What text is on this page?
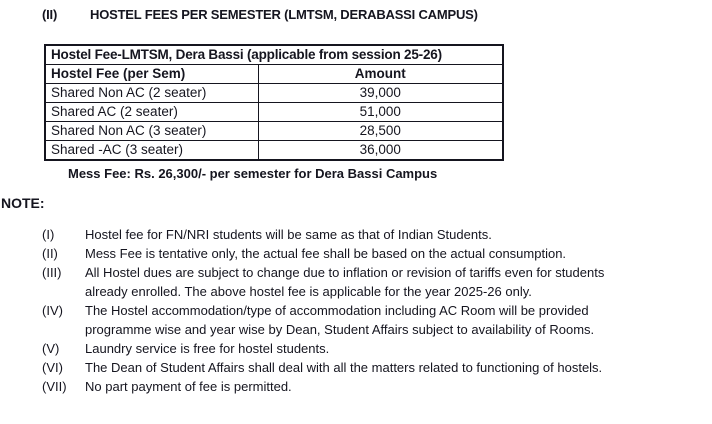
(II)	HOSTEL FEES PER SEMESTER (LMTSM, DERABASSI CAMPUS)
Hostel Fee-LMTSM, Dera Bassi (applicable from session 25-26)	
Hostel Fee (per Sem)	Amount
Shared Non AC (2 seater)	39,000
Shared AC (2 seater)	51,000
Shared Non AC (3 seater)	28,500
Shared -AC (3 seater)	36,000
Mess Fee: Rs. 26,300/- per semester for Dera Bassi Campus
NOTE:
(I)	Hostel fee for FN/NRI students will be same as that of Indian Students.
(II)	Mess Fee is tentative only, the actual fee shall be based on the actual consumption.
(III)	All Hostel dues are subject to change due to inflation or revision of tariffs even for students
already enrolled. The above hostel fee is applicable for the year 2025-26 only.
(IV)	The Hostel accommodation/type of accommodation including AC Room will be provided
programme wise and year wise by Dean, Student Affairs subject to availability of Rooms.
(V)	Laundry service is free for hostel students.
(VI)	The Dean of Student Affairs shall deal with all the matters related to functioning of hostels.
(VII)	No part payment of fee is permitted.
